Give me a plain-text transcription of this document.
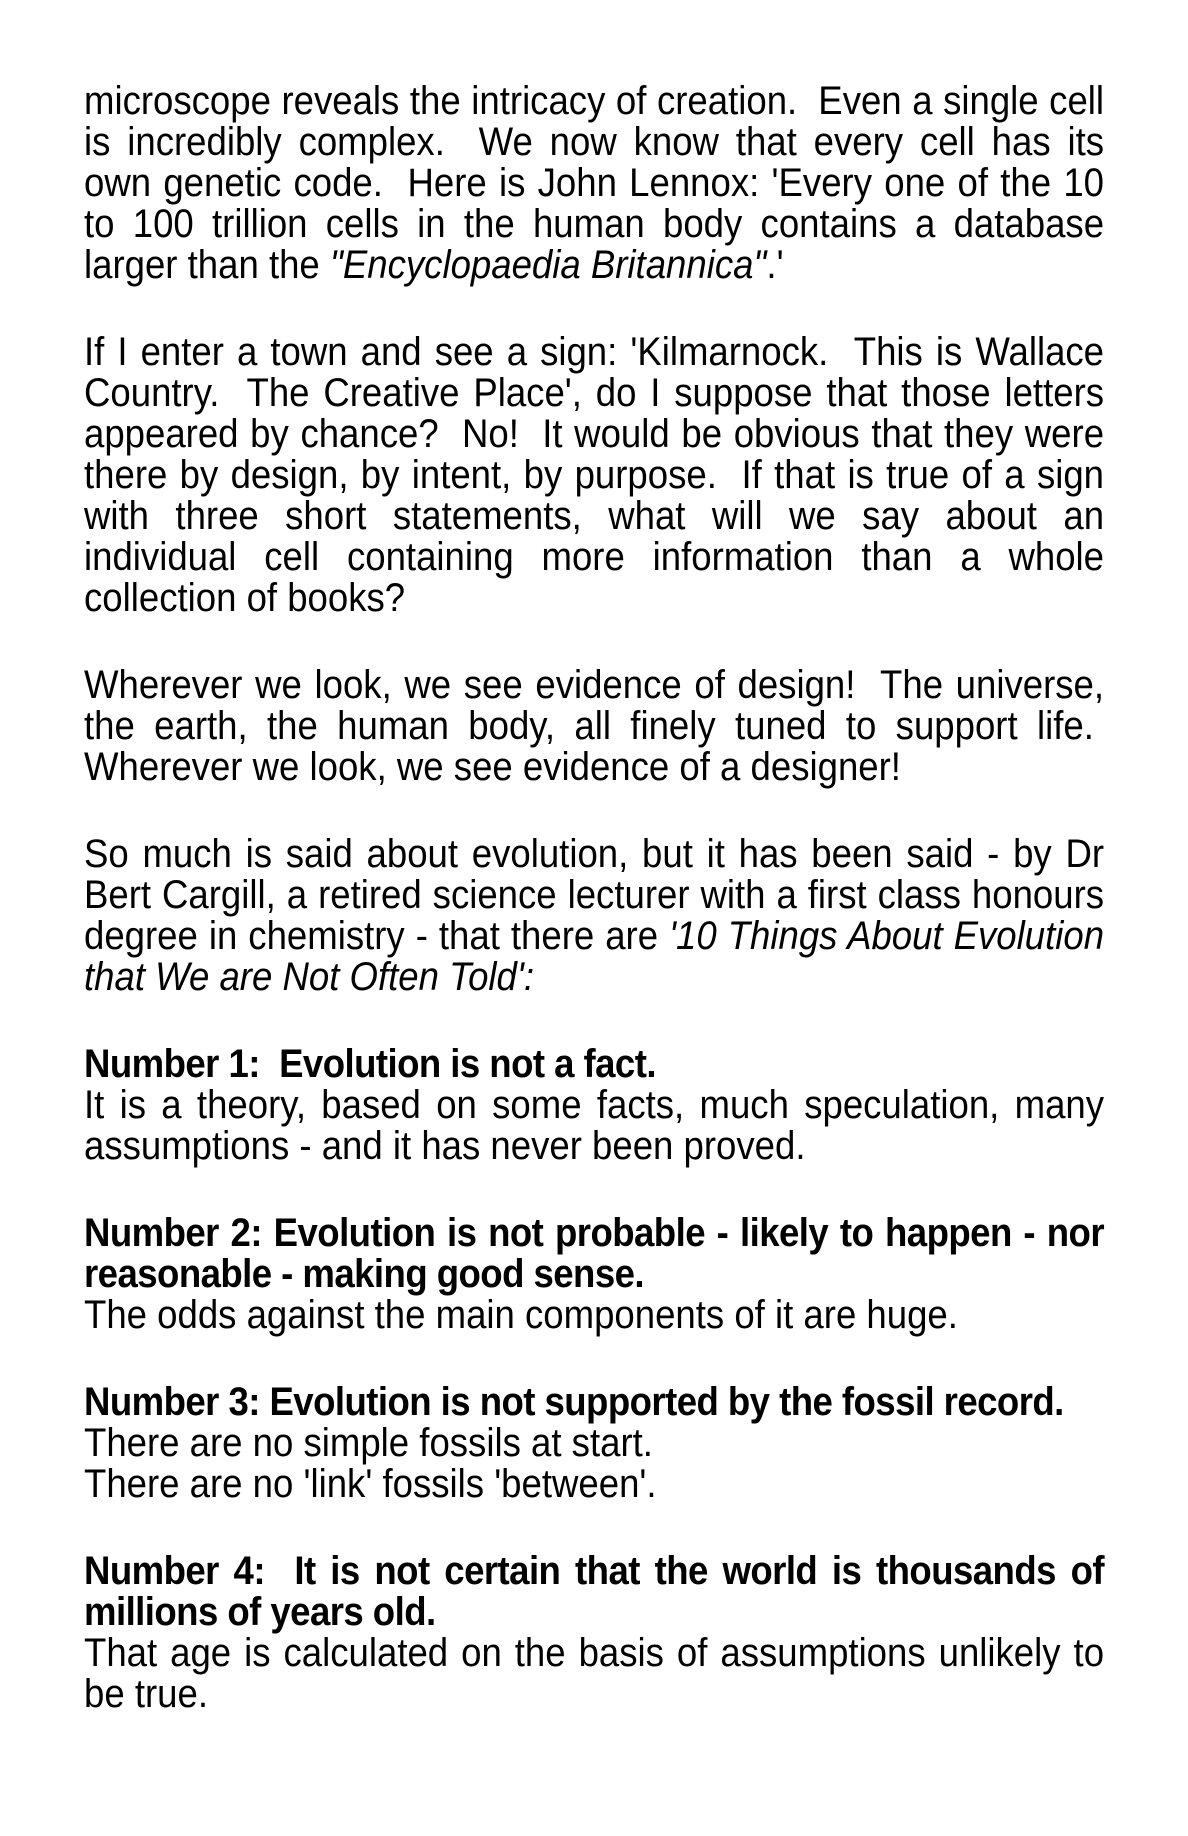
microscope reveals the intricacy of creation.  Even a single cell is incredibly complex.  We now know that every cell has its own genetic code.  Here is John Lennox: 'Every one of the 10 to 100 trillion cells in the human body contains a database larger than the "Encyclopaedia Britannica".'

If I enter a town and see a sign: 'Kilmarnock.  This is Wallace Country.  The Creative Place', do I suppose that those letters appeared by chance?  No!  It would be obvious that they were there by design, by intent, by purpose.  If that is true of a sign with three short statements, what will we say about an individual cell containing more information than a whole collection of books?

Wherever we look, we see evidence of design!  The universe, the earth, the human body, all finely tuned to support life.  Wherever we look, we see evidence of a designer!

So much is said about evolution, but it has been said - by Dr Bert Cargill, a retired science lecturer with a first class honours degree in chemistry - that there are '10 Things About Evolution that We are Not Often Told':

Number 1:  Evolution is not a fact.
It is a theory, based on some facts, much speculation, many assumptions - and it has never been proved.

Number 2: Evolution is not probable - likely to happen - nor reasonable - making good sense.
The odds against the main components of it are huge.

Number 3: Evolution is not supported by the fossil record.
There are no simple fossils at start.
There are no 'link' fossils 'between'.

Number 4:  It is not certain that the world is thousands of millions of years old.
That age is calculated on the basis of assumptions unlikely to be true.
